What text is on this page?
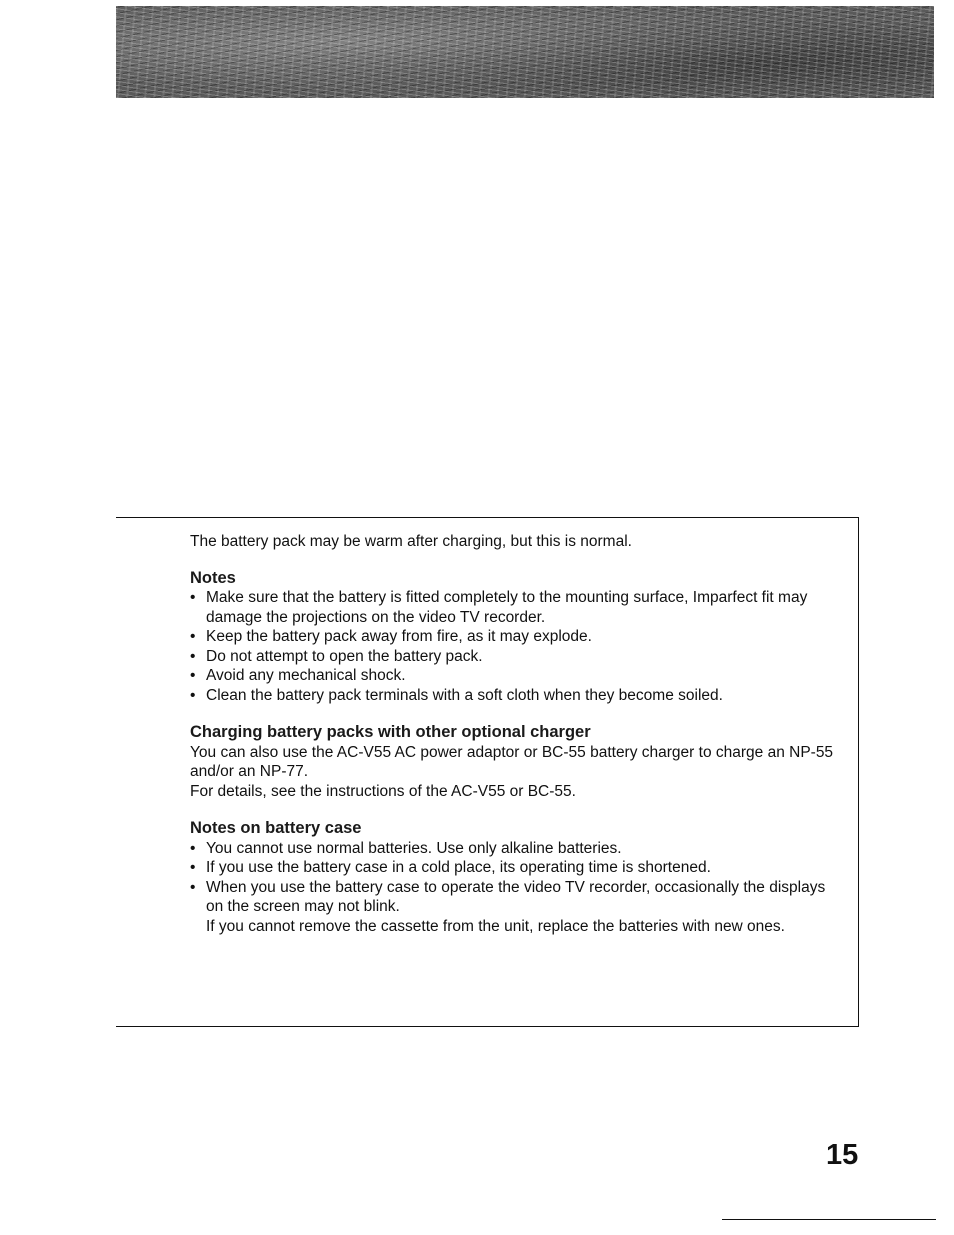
The battery pack may be warm after charging, but this is normal.

Notes

• Make sure that the battery is fitted completely to the mounting surface, Imparfect fit may damage the projections on the video TV recorder.
• Keep the battery pack away from fire, as it may explode.
• Do not attempt to open the battery pack.
• Avoid any mechanical shock.
• Clean the battery pack terminals with a soft cloth when they become soiled.

Charging battery packs with other optional charger

You can also use the AC-V55 AC power adaptor or BC-55 battery charger to charge an NP-55 and/or an NP-77.

For details, see the instructions of the AC-V55 or BC-55.

Notes on battery case

• You cannot use normal batteries. Use only alkaline batteries.
• If you use the battery case in a cold place, its operating time is shortened.
• When you use the battery case to operate the video TV recorder, occasionally the displays on the screen may not blink.
If you cannot remove the cassette from the unit, replace the batteries with new ones.
15
